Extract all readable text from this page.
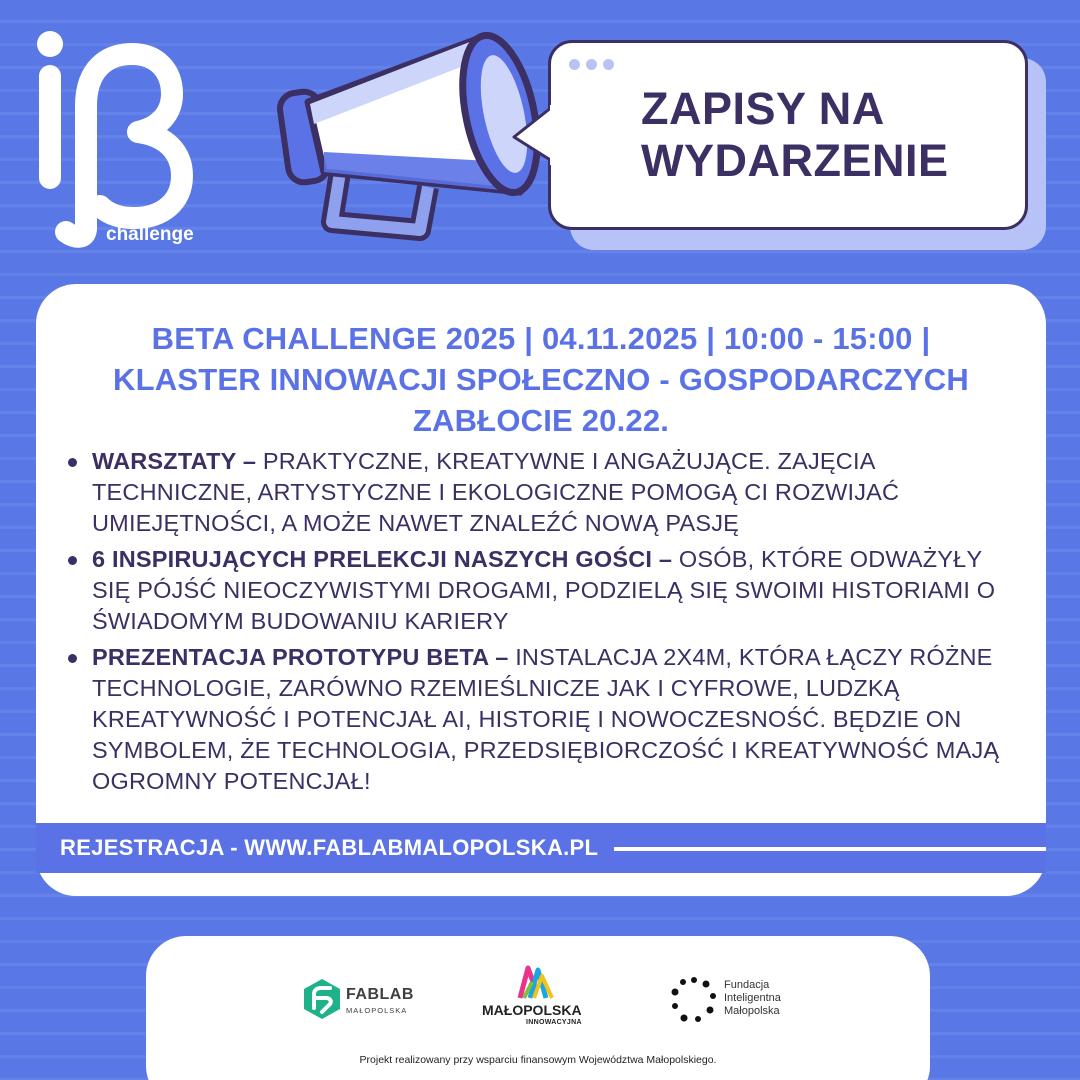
beta
challenge
ZAPISY NA
WYDARZENIE
BETA CHALLENGE 2025 | 04.11.2025 | 10:00 - 15:00 |
KLASTER INNOWACJI SPOŁECZNO - GOSPODARCZYCH
ZABŁOCIE 20.22.
WARSZTATY – PRAKTYCZNE, KREATYWNE I ANGAŻUJĄCE. ZAJĘCIA TECHNICZNE, ARTYSTYCZNE I EKOLOGICZNE POMOGĄ CI ROZWIJAĆ UMIEJĘTNOŚCI, A MOŻE NAWET ZNALEŹĆ NOWĄ PASJĘ
6 INSPIRUJĄCYCH PRELEKCJI NASZYCH GOŚCI – OSÓB, KTÓRE ODWAŻYŁY SIĘ PÓJŚĆ NIEOCZYWISTYMI DROGAMI, PODZIELĄ SIĘ SWOIMI HISTORIAMI O ŚWIADOMYM BUDOWANIU KARIERY
PREZENTACJA PROTOTYPU BETA – INSTALACJA 2X4M, KTÓRA ŁĄCZY RÓŻNE TECHNOLOGIE, ZARÓWNO RZEMIEŚLNICZE JAK I CYFROWE, LUDZKĄ KREATYWNOŚĆ I POTENCJAŁ AI, HISTORIĘ I NOWOCZESNOŚĆ. BĘDZIE ON SYMBOLEM, ŻE TECHNOLOGIA, PRZEDSIĘBIORCZOŚĆ I KREATYWNOŚĆ MAJĄ OGROMNY POTENCJAŁ!
REJESTRACJA - WWW.FABLABMALOPOLSKA.PL
FABLAB
MAŁOPOLSKA	MAŁOPOLSKA
INNOWACYJNA
Fundacja
Inteligentna
Małopolska
Projekt realizowany przy wsparciu finansowym Województwa Małopolskiego.
